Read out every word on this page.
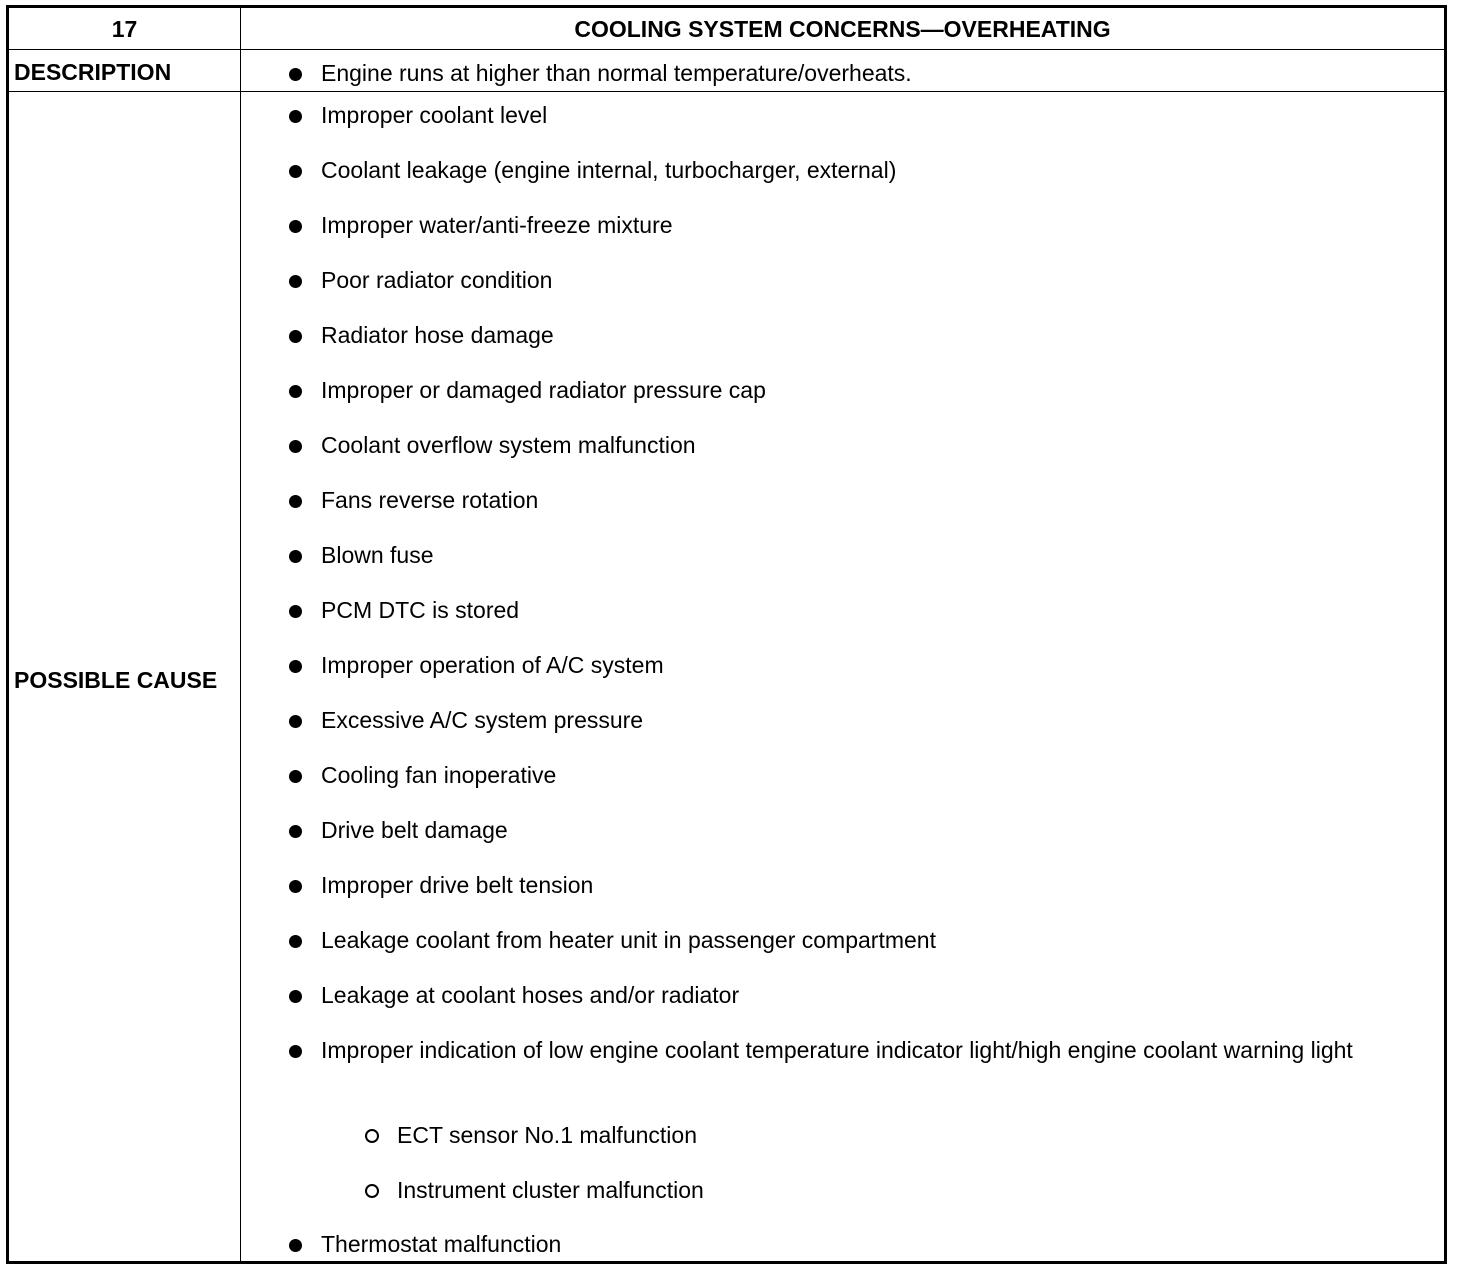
17	COOLING SYSTEM CONCERNS—OVERHEATING
DESCRIPTION
POSSIBLE CAUSE
Engine runs at higher than normal temperature/overheats.
Improper coolant level
Coolant leakage (engine internal, turbocharger, external)
Improper water/anti-freeze mixture
Poor radiator condition
Radiator hose damage
Improper or damaged radiator pressure cap
Coolant overflow system malfunction
Fans reverse rotation
Blown fuse
PCM DTC is stored
Improper operation of A/C system
Excessive A/C system pressure
Cooling fan inoperative
Drive belt damage
Improper drive belt tension
Leakage coolant from heater unit in passenger compartment
Leakage at coolant hoses and/or radiator
Improper indication of low engine coolant temperature indicator light/high engine coolant warning light
ECT sensor No.1 malfunction
Instrument cluster malfunction
Thermostat malfunction
